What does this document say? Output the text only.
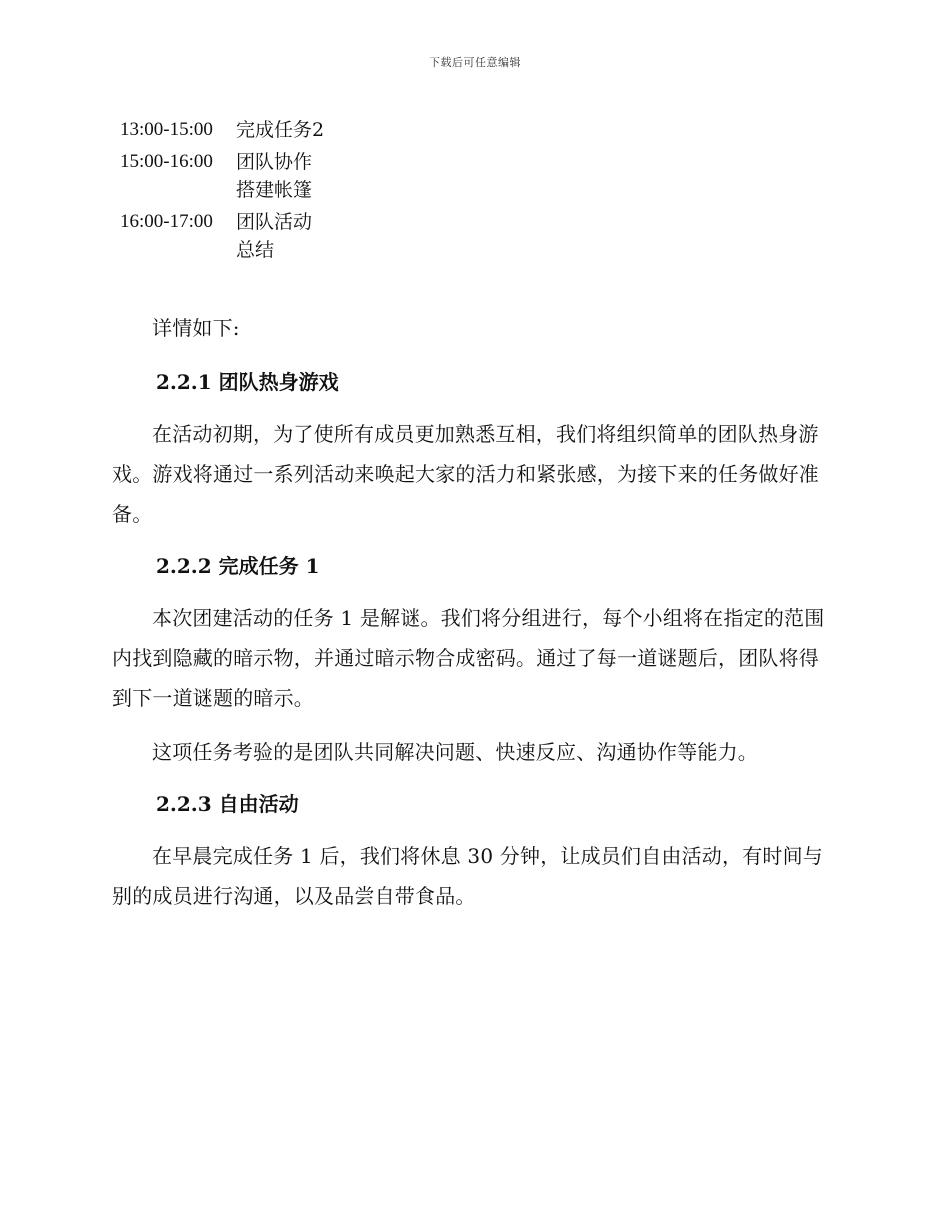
下载后可任意编辑
13:00-15:00	完成任务2
15:00-16:00	团队协作搭建帐篷
16:00-17:00	团队活动总结

详情如下:

2.2.1 团队热身游戏

在活动初期，为了使所有成员更加熟悉互相，我们将组织简单的团队热身游戏。游戏将通过一系列活动来唤起大家的活力和紧张感，为接下来的任务做好准备。

2.2.2 完成任务 1

本次团建活动的任务 1 是解谜。我们将分组进行，每个小组将在指定的范围内找到隐藏的暗示物，并通过暗示物合成密码。通过了每一道谜题后，团队将得到下一道谜题的暗示。

这项任务考验的是团队共同解决问题、快速反应、沟通协作等能力。

2.2.3 自由活动

在早晨完成任务 1 后，我们将休息 30 分钟，让成员们自由活动，有时间与别的成员进行沟通，以及品尝自带食品。
